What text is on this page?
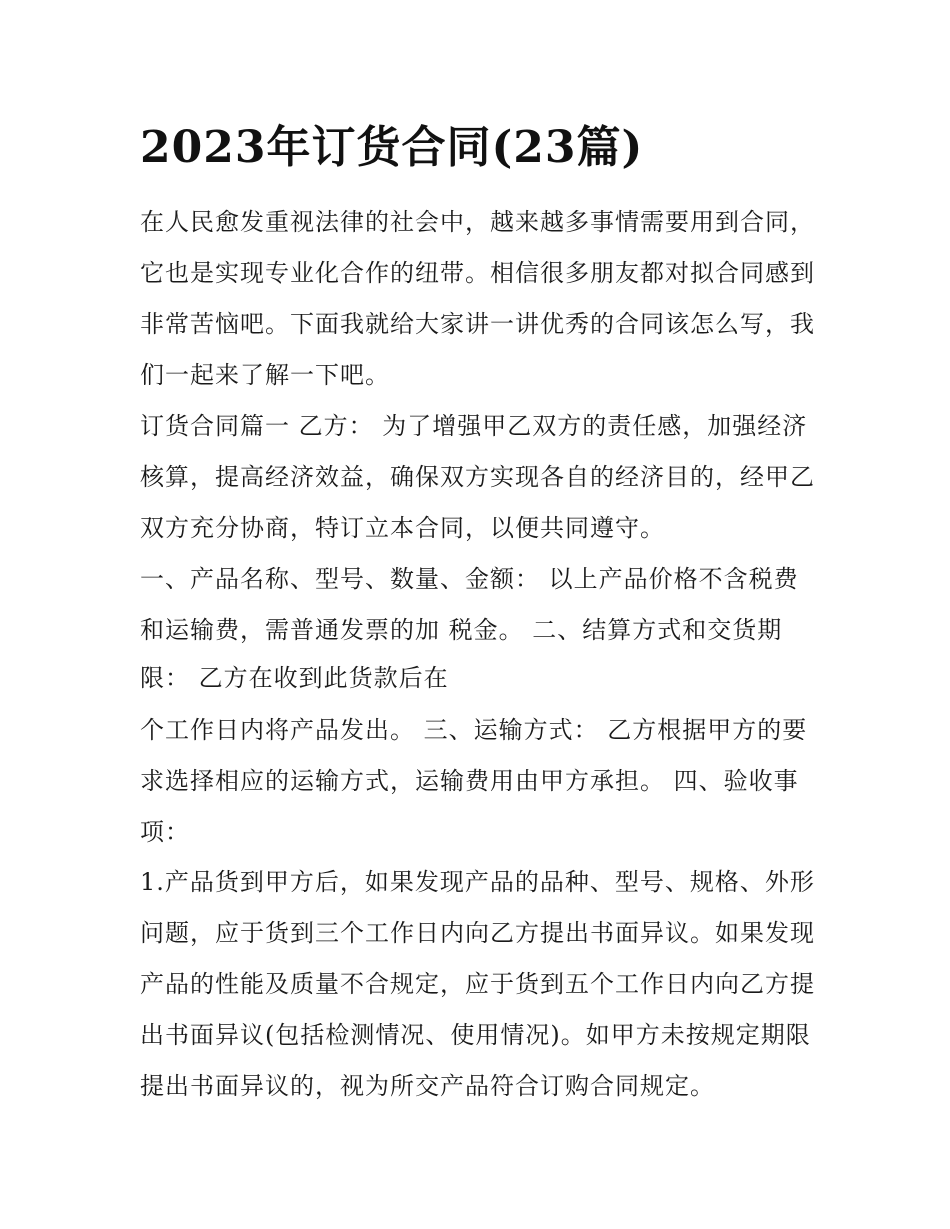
2023年订货合同(23篇)

在人民愈发重视法律的社会中，越来越多事情需要用到合同，

它也是实现专业化合作的纽带。相信很多朋友都对拟合同感到

非常苦恼吧。下面我就给大家讲一讲优秀的合同该怎么写，我

们一起来了解一下吧。

订货合同篇一 乙方： 为了增强甲乙双方的责任感，加强经济

核算，提高经济效益，确保双方实现各自的经济目的，经甲乙

双方充分协商，特订立本合同，以便共同遵守。

一、产品名称、型号、数量、金额： 以上产品价格不含税费

和运输费，需普通发票的加 税金。 二、结算方式和交货期

限： 乙方在收到此货款后在

个工作日内将产品发出。 三、运输方式： 乙方根据甲方的要

求选择相应的运输方式，运输费用由甲方承担。 四、验收事

项：

1.产品货到甲方后，如果发现产品的品种、型号、规格、外形

问题，应于货到三个工作日内向乙方提出书面异议。如果发现

产品的性能及质量不合规定，应于货到五个工作日内向乙方提

出书面异议(包括检测情况、使用情况)。如甲方未按规定期限

提出书面异议的，视为所交产品符合订购合同规定。
